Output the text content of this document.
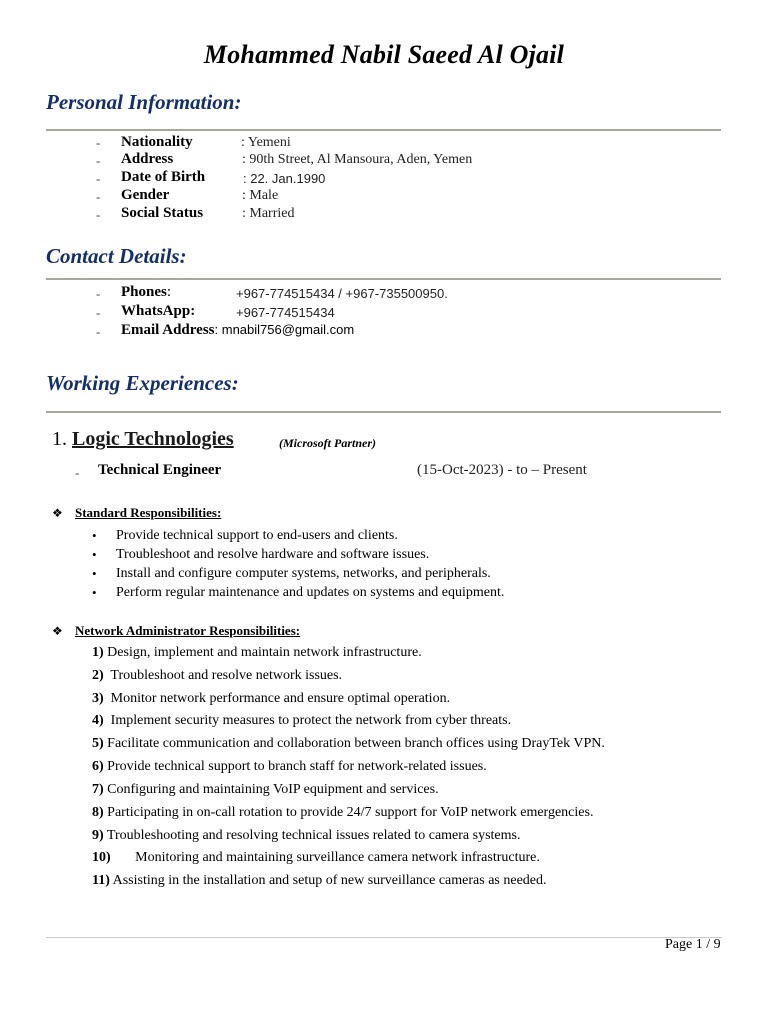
Mohammed Nabil Saeed Al Ojail
Personal Information:
- Nationality	: Yemeni
- Address	: 90th Street, Al Mansoura, Aden, Yemen
- Date of Birth	: 22. Jan.1990
- Gender	: Male
- Social Status	: Married
Contact Details:
- Phones:	+967-774515434 / +967-735500950.
- WhatsApp:	+967-774515434
- Email Address: mnabil756@gmail.com
Working Experiences:
1. Logic Technologies	(Microsoft Partner)
- Technical Engineer	(15-Oct-2023) - to – Present
❖ Standard Responsibilities:
• Provide technical support to end-users and clients.
• Troubleshoot and resolve hardware and software issues.
• Install and configure computer systems, networks, and peripherals.
• Perform regular maintenance and updates on systems and equipment.
❖ Network Administrator Responsibilities:
1) Design, implement and maintain network infrastructure.
2)  Troubleshoot and resolve network issues.
3)  Monitor network performance and ensure optimal operation.
4)  Implement security measures to protect the network from cyber threats.
5) Facilitate communication and collaboration between branch offices using DrayTek VPN.
6) Provide technical support to branch staff for network-related issues.
7) Configuring and maintaining VoIP equipment and services.
8) Participating in on-call rotation to provide 24/7 support for VoIP network emergencies.
9) Troubleshooting and resolving technical issues related to camera systems.
10)       Monitoring and maintaining surveillance camera network infrastructure.
11) Assisting in the installation and setup of new surveillance cameras as needed.
Page 1 / 9
